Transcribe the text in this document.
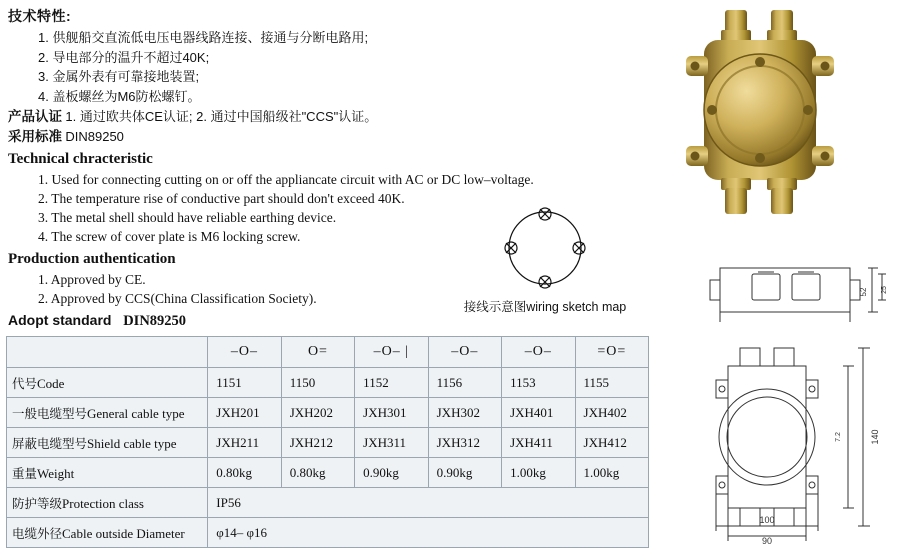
技术特性:
1. 供舰船交直流低电压电器线路连接、接通与分断电路用;
2. 导电部分的温升不超过40K;
3. 金属外表有可靠接地装置;
4. 盖板螺丝为M6防松螺钉。
产品认证 1. 通过欧共体CE认证; 2. 通过中国船级社"CCS"认证。
采用标准 DIN89250
Technical chracteristic
1. Used for connecting cutting on or off the appliancate circuit with AC or DC low–voltage.
2. The temperature rise of conductive part should don't exceed 40K.
3. The metal shell should have reliable earthing device.
4. The screw of cover plate is M6 locking screw.
Production authentication
1. Approved by CE.
2. Approved by CCS(China Classification Society).
Adopt standard DIN89250
接线示意图wiring sketch map
	–O–	O=	–O– |	–O–	–O–	=O=
代号Code	1151	1150	1152	1156	1153	1155
一般电缆型号General cable type	JXH201	JXH202	JXH301	JXH302	JXH401	JXH402
屏蔽电缆型号Shield cable type	JXH211	JXH212	JXH311	JXH312	JXH411	JXH412
重量Weight	0.80kg	0.80kg	0.90kg	0.90kg	1.00kg	1.00kg
防护等级Protection class	IP56					
电缆外径Cable outside Diameter	φ14– φ16					
52 25
140
7.2
90
100
